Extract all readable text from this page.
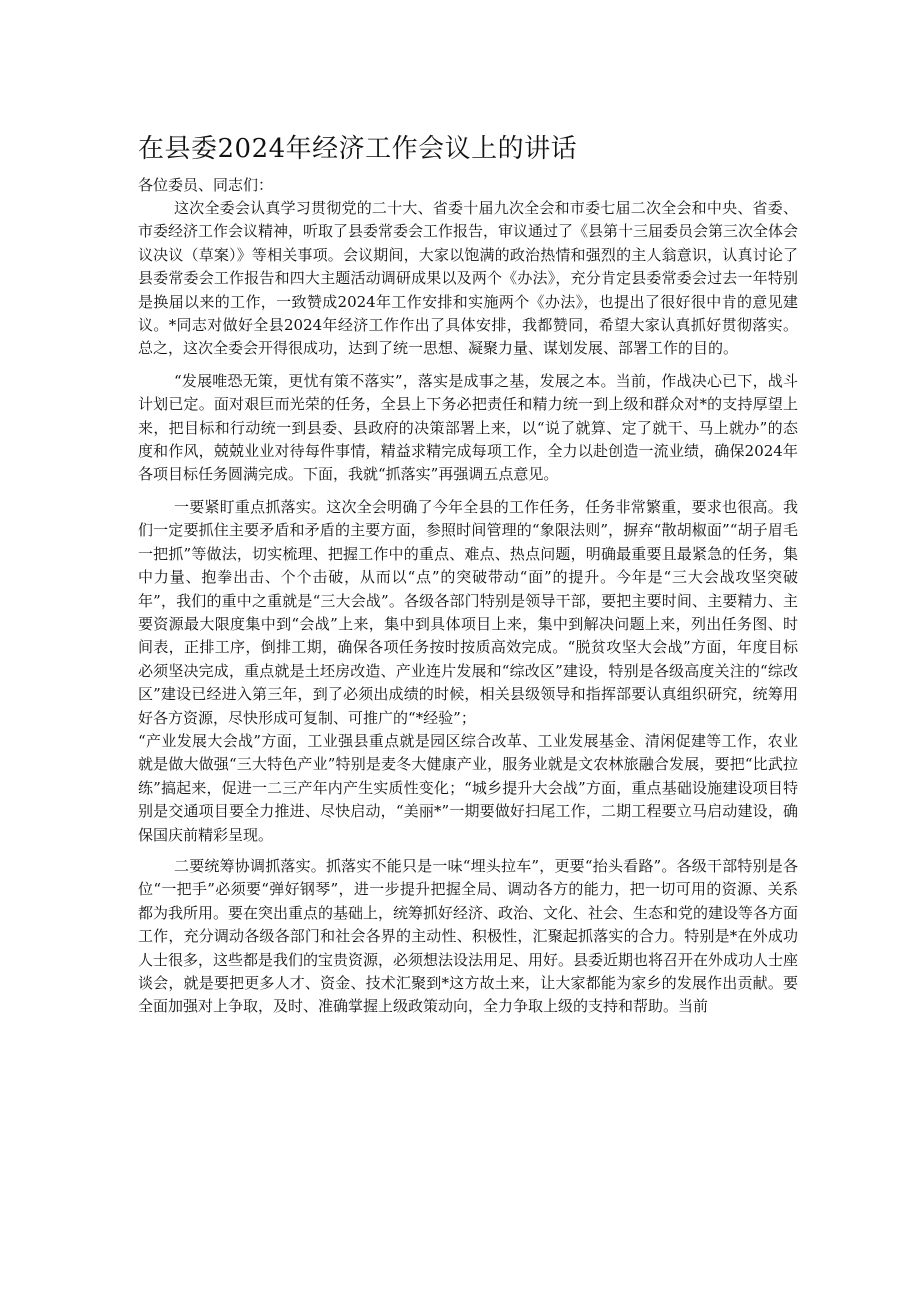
在县委2024年经济工作会议上的讲话
各位委员、同志们：

这次全委会认真学习贯彻党的二十大、省委十届九次全会和市委七届二次全会和中央、省委、市委经济工作会议精神，听取了县委常委会工作报告，审议通过了《县第十三届委员会第三次全体会议决议（草案）》等相关事项。会议期间，大家以饱满的政治热情和强烈的主人翁意识，认真讨论了县委常委会工作报告和四大主题活动调研成果以及两个《办法》，充分肯定县委常委会过去一年特别是换届以来的工作，一致赞成2024年工作安排和实施两个《办法》，也提出了很好很中肯的意见建议。*同志对做好全县2024年经济工作作出了具体安排，我都赞同，希望大家认真抓好贯彻落实。总之，这次全委会开得很成功，达到了统一思想、凝聚力量、谋划发展、部署工作的目的。

“发展唯恐无策，更忧有策不落实”，落实是成事之基，发展之本。当前，作战决心已下，战斗计划已定。面对艰巨而光荣的任务，全县上下务必把责任和精力统一到上级和群众对*的支持厚望上来，把目标和行动统一到县委、县政府的决策部署上来，以“说了就算、定了就干、马上就办”的态度和作风，兢兢业业对待每件事情，精益求精完成每项工作，全力以赴创造一流业绩，确保2024年各项目标任务圆满完成。下面，我就“抓落实”再强调五点意见。

一要紧盯重点抓落实。这次全会明确了今年全县的工作任务，任务非常繁重，要求也很高。我们一定要抓住主要矛盾和矛盾的主要方面，参照时间管理的“象限法则”，摒弃“散胡椒面”“胡子眉毛一把抓”等做法，切实梳理、把握工作中的重点、难点、热点问题，明确最重要且最紧急的任务，集中力量、抱拳出击、个个击破，从而以“点”的突破带动“面”的提升。今年是“三大会战攻坚突破年”，我们的重中之重就是“三大会战”。各级各部门特别是领导干部，要把主要时间、主要精力、主要资源最大限度集中到“会战”上来，集中到具体项目上来，集中到解决问题上来，列出任务图、时间表，正排工序，倒排工期，确保各项任务按时按质高效完成。“脱贫攻坚大会战”方面，年度目标必须坚决完成，重点就是土坯房改造、产业连片发展和“综改区”建设，特别是各级高度关注的“综改区”建设已经进入第三年，到了必须出成绩的时候，相关县级领导和指挥部要认真组织研究，统筹用好各方资源，尽快形成可复制、可推广的“*经验”；

“产业发展大会战”方面，工业强县重点就是园区综合改革、工业发展基金、清闲促建等工作，农业就是做大做强“三大特色产业”特别是麦冬大健康产业，服务业就是文农林旅融合发展，要把“比武拉练”搞起来，促进一二三产年内产生实质性变化；“城乡提升大会战”方面，重点基础设施建设项目特别是交通项目要全力推进、尽快启动，“美丽*”一期要做好扫尾工作，二期工程要立马启动建设，确保国庆前精彩呈现。

二要统筹协调抓落实。抓落实不能只是一味“埋头拉车”，更要“抬头看路”。各级干部特别是各位“一把手”必须要“弹好钢琴”，进一步提升把握全局、调动各方的能力，把一切可用的资源、关系都为我所用。要在突出重点的基础上，统筹抓好经济、政治、文化、社会、生态和党的建设等各方面工作，充分调动各级各部门和社会各界的主动性、积极性，汇聚起抓落实的合力。特别是*在外成功人士很多，这些都是我们的宝贵资源，必须想法设法用足、用好。县委近期也将召开在外成功人士座谈会，就是要把更多人才、资金、技术汇聚到*这方故土来，让大家都能为家乡的发展作出贡献。要全面加强对上争取，及时、准确掌握上级政策动向，全力争取上级的支持和帮助。当前
